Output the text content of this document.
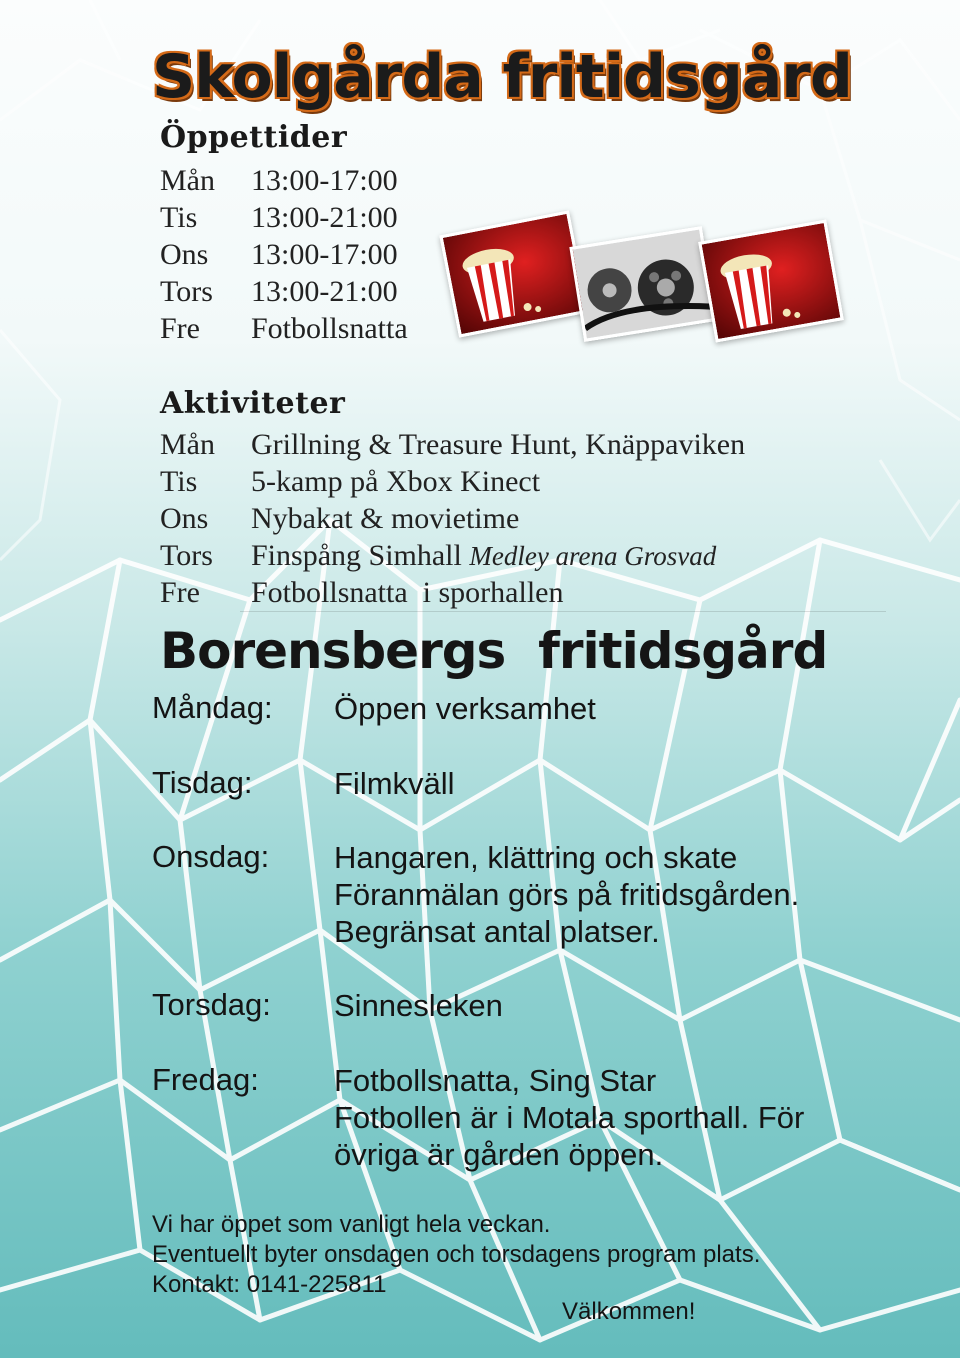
Skolgårda fritidsgård
Öppettider
Mån	13:00-17:00
Tis	13:00-21:00
Ons	13:00-17:00
Tors	13:00-21:00
Fre	Fotbollsnatta
Aktiviteter
Mån	Grillning & Treasure Hunt, Knäppaviken
Tis	5-kamp på Xbox Kinect
Ons	Nybakat & movietime
Tors	Finspång Simhall Medley arena Grosvad
Fre	Fotbollsnatta  i sporhallen
Borensbergs  fritidsgård
Måndag:	Öppen verksamhet
Tisdag:	Filmkväll
Onsdag:	Hangaren, klättring och skate
Föranmälan görs på fritidsgården.
Begränsat antal platser.
Torsdag:	Sinnesleken
Fredag:	Fotbollsnatta, Sing Star
Fotbollen är i Motala sporthall. För
övriga är gården öppen.
Vi har öppet som vanligt hela veckan.
Eventuellt byter onsdagen och torsdagens program plats.
Kontakt: 0141-225811
Välkommen!
